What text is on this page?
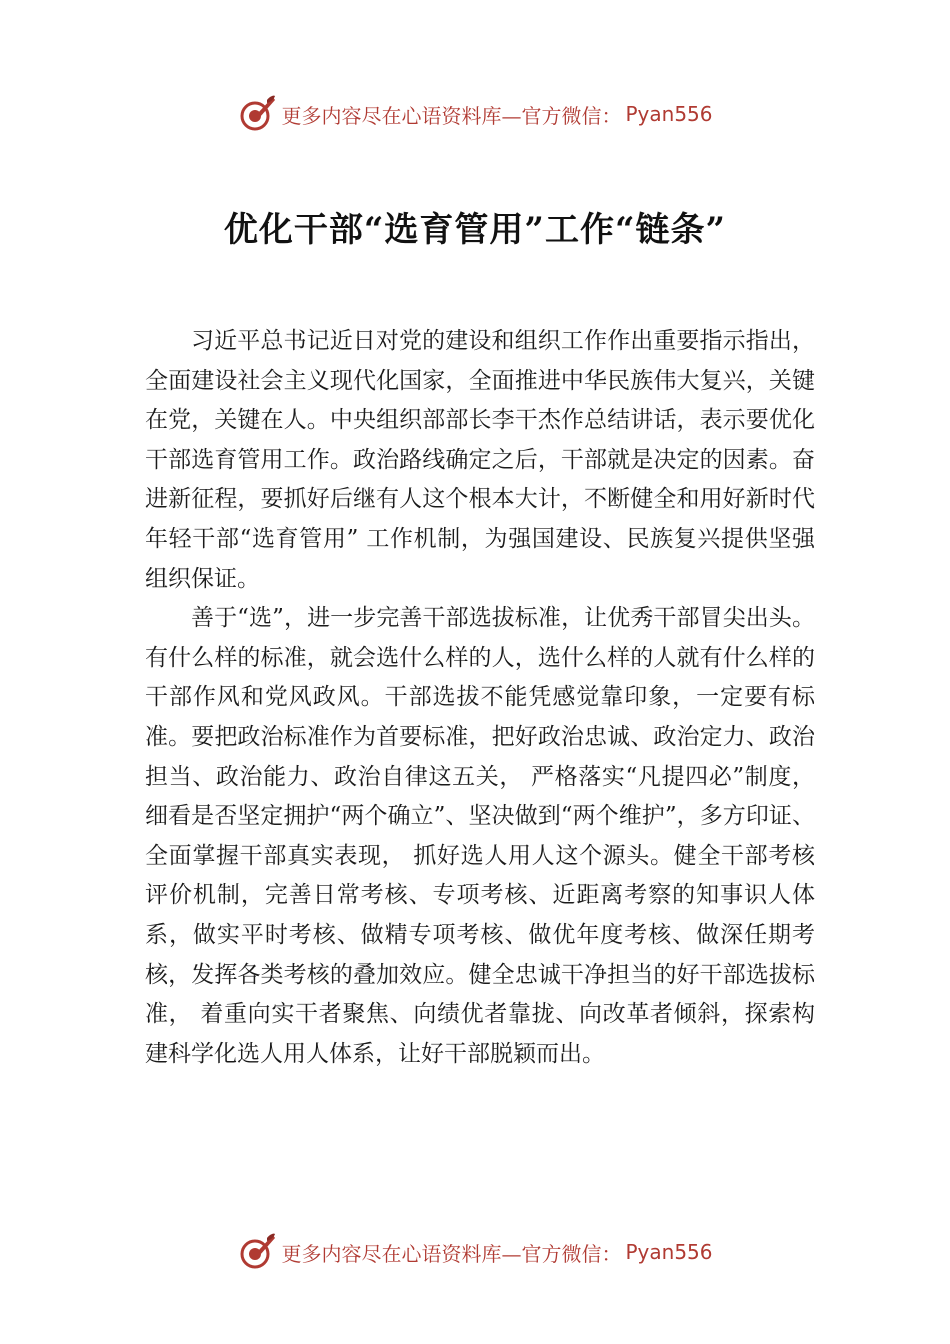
更多内容尽在心语资料库—官方微信： Pyan556
优化干部“选育管用”工作“链条”

习近平总书记近日对党的建设和组织工作作出重要指示指出，全面建设社会主义现代化国家，全面推进中华民族伟大复兴，关键在党，关键在人。中央组织部部长李干杰作总结讲话，表示要优化干部选育管用工作。政治路线确定之后，干部就是决定的因素。奋进新征程，要抓好后继有人这个根本大计，不断健全和用好新时代年轻干部“选育管用” 工作机制，为强国建设、民族复兴提供坚强组织保证。

善于“选”，进一步完善干部选拔标准，让优秀干部冒尖出头。有什么样的标准，就会选什么样的人，选什么样的人就有什么样的干部作风和党风政风。干部选拔不能凭感觉靠印象，一定要有标准。要把政治标准作为首要标准，把好政治忠诚、政治定力、政治担当、政治能力、政治自律这五关， 严格落实“凡提四必”制度，细看是否坚定拥护“两个确立”、坚决做到“两个维护”，多方印证、全面掌握干部真实表现， 抓好选人用人这个源头。健全干部考核评价机制，完善日常考核、专项考核、近距离考察的知事识人体系，做实平时考核、做精专项考核、做优年度考核、做深任期考核，发挥各类考核的叠加效应。健全忠诚干净担当的好干部选拔标准， 着重向实干者聚焦、向绩优者靠拢、向改革者倾斜，探索构建科学化选人用人体系，让好干部脱颖而出。

更多内容尽在心语资料库—官方微信： Pyan556
